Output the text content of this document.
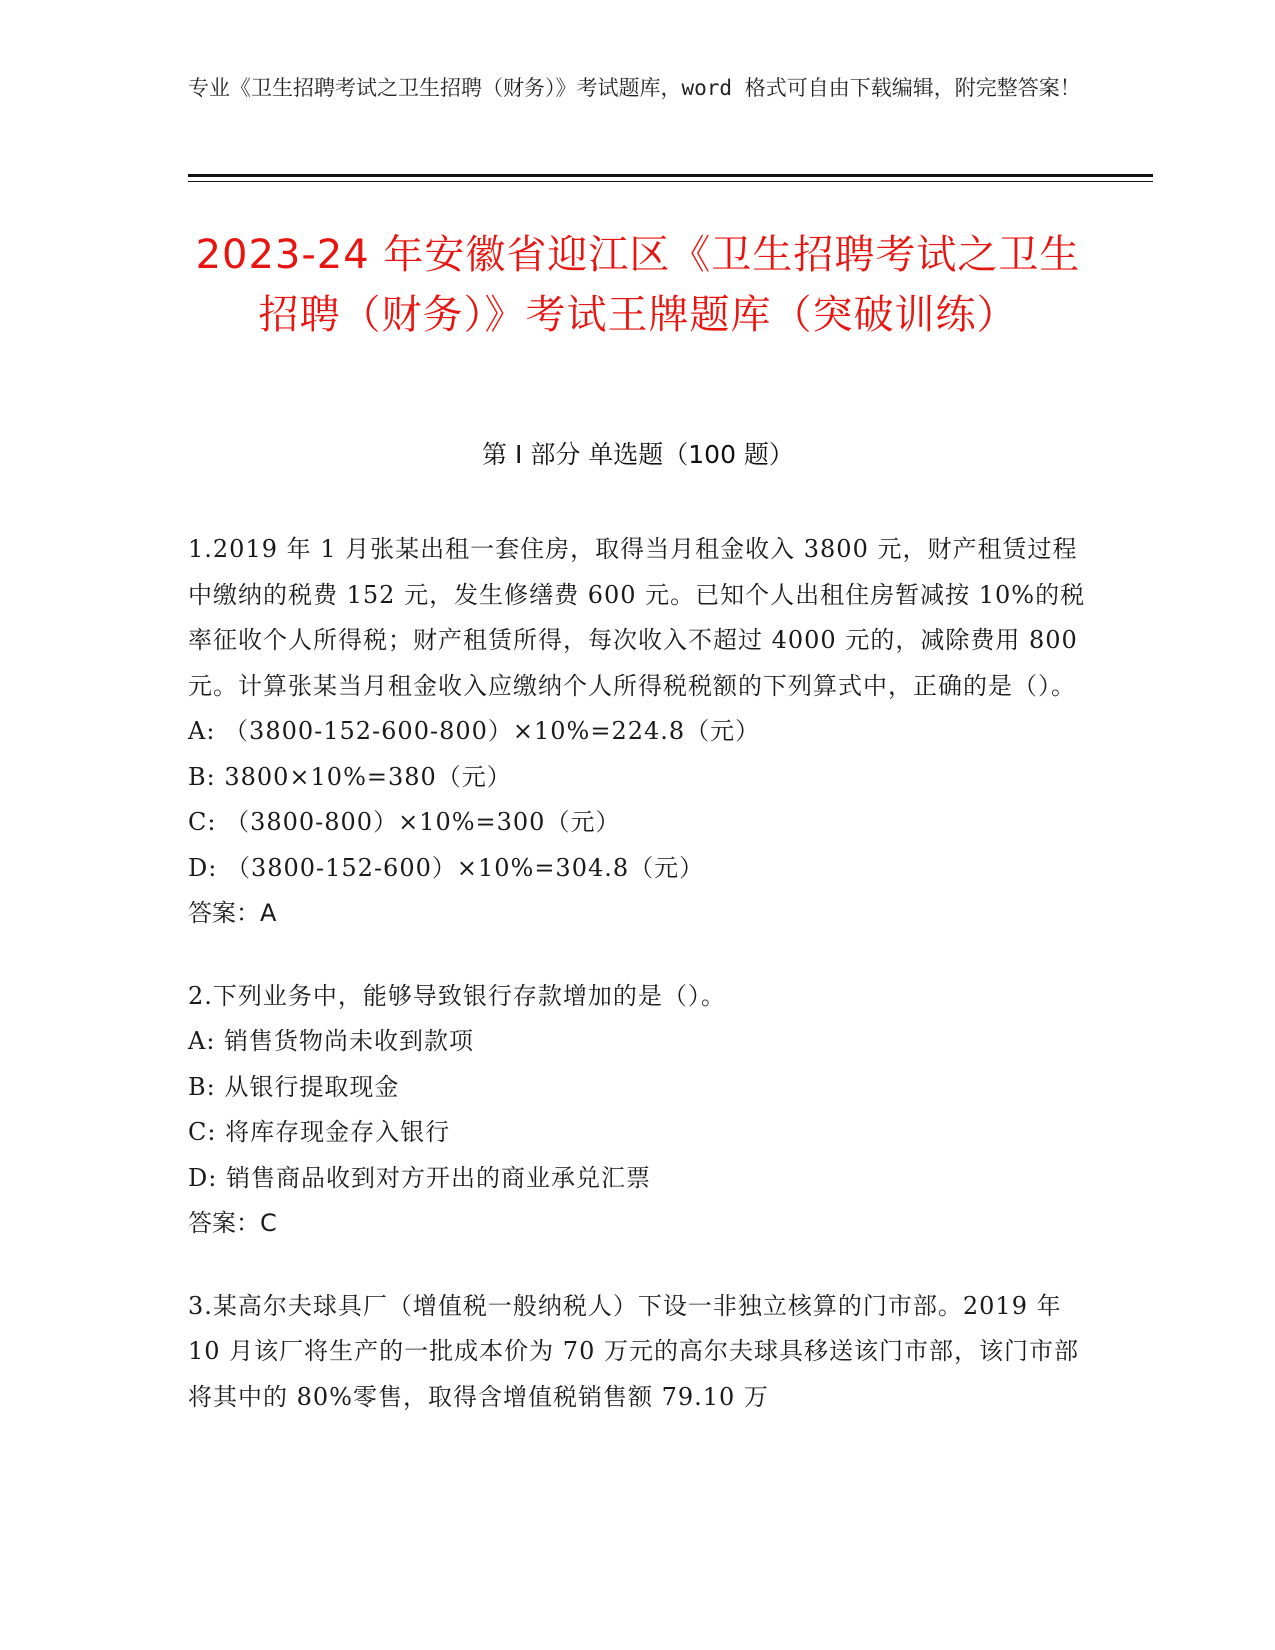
专业《卫生招聘考试之卫生招聘（财务）》考试题库，word 格式可自由下载编辑，附完整答案！
2023-24 年安徽省迎江区《卫生招聘考试之卫生招聘（财务）》考试王牌题库（突破训练）
第 I 部分 单选题（100 题）
1.2019 年 1 月张某出租一套住房，取得当月租金收入 3800 元，财产租赁过程中缴纳的税费 152 元，发生修缮费 600 元。已知个人出租住房暂减按 10%的税率征收个人所得税；财产租赁所得，每次收入不超过 4000 元的，减除费用 800 元。计算张某当月租金收入应缴纳个人所得税税额的下列算式中，正确的是（）。
A: （3800-152-600-800）×10%=224.8（元）
B: 3800×10%=380（元）
C: （3800-800）×10%=300（元）
D: （3800-152-600）×10%=304.8（元）
答案：A
2.下列业务中，能够导致银行存款增加的是（）。
A: 销售货物尚未收到款项
B: 从银行提取现金
C: 将库存现金存入银行
D: 销售商品收到对方开出的商业承兑汇票
答案：C
3.某高尔夫球具厂（增值税一般纳税人）下设一非独立核算的门市部。2019 年 10 月该厂将生产的一批成本价为 70 万元的高尔夫球具移送该门市部，该门市部将其中的 80%零售，取得含增值税销售额 79.10 万
